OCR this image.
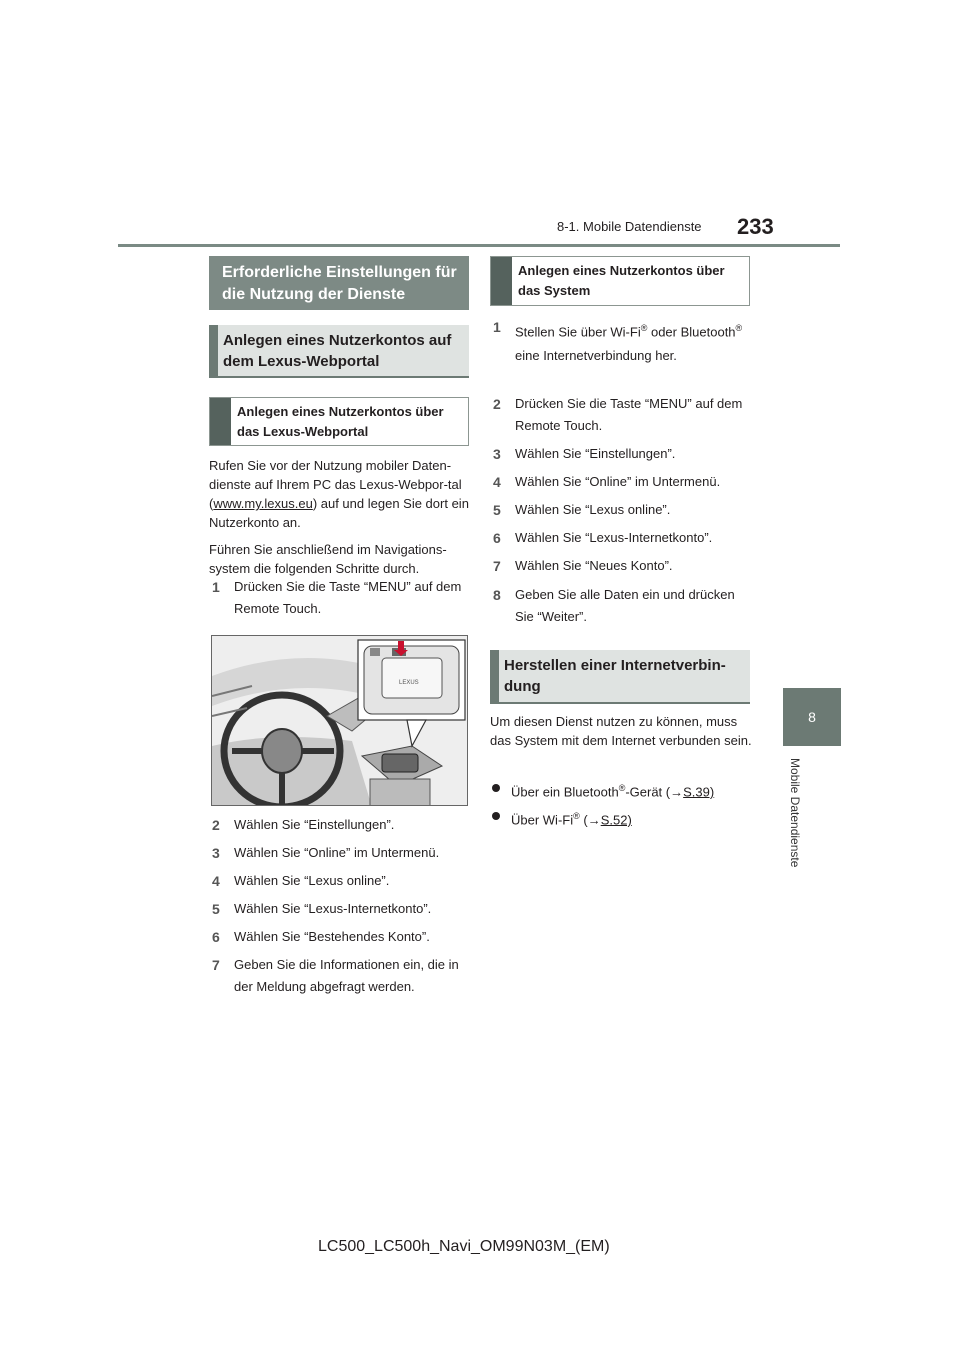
8-1. Mobile Datendienste 233
8
Mobile Datendienste
Erforderliche Einstellungen für die Nutzung der Dienste
Anlegen eines Nutzerkontos auf dem Lexus-Webportal
Anlegen eines Nutzerkontos über das Lexus-Webportal
Rufen Sie vor der Nutzung mobiler Daten-dienste auf Ihrem PC das Lexus-Webpor-tal (www.my.lexus.eu) auf und legen Sie dort ein Nutzerkonto an.
Führen Sie anschließend im Navigations-system die folgenden Schritte durch.
1 Drücken Sie die Taste “MENU” auf dem Remote Touch.
LEXUS
2 Wählen Sie “Einstellungen”.
3 Wählen Sie “Online” im Untermenü.
4 Wählen Sie “Lexus online”.
5 Wählen Sie “Lexus-Internetkonto”.
6 Wählen Sie “Bestehendes Konto”.
7 Geben Sie die Informationen ein, die in der Meldung abgefragt werden.
Anlegen eines Nutzerkontos über das System
1 Stellen Sie über Wi-Fi® oder Bluetooth® eine Internetverbindung her.
2 Drücken Sie die Taste “MENU” auf dem Remote Touch.
3 Wählen Sie “Einstellungen”.
4 Wählen Sie “Online” im Untermenü.
5 Wählen Sie “Lexus online”.
6 Wählen Sie “Lexus-Internetkonto”.
7 Wählen Sie “Neues Konto”.
8 Geben Sie alle Daten ein und drücken Sie “Weiter”.
Herstellen einer Internetverbin-dung
Um diesen Dienst nutzen zu können, muss das System mit dem Internet verbunden sein.
Über ein Bluetooth®-Gerät (→S.39)
Über Wi-Fi® (→S.52)
LC500_LC500h_Navi_OM99N03M_(EM)
